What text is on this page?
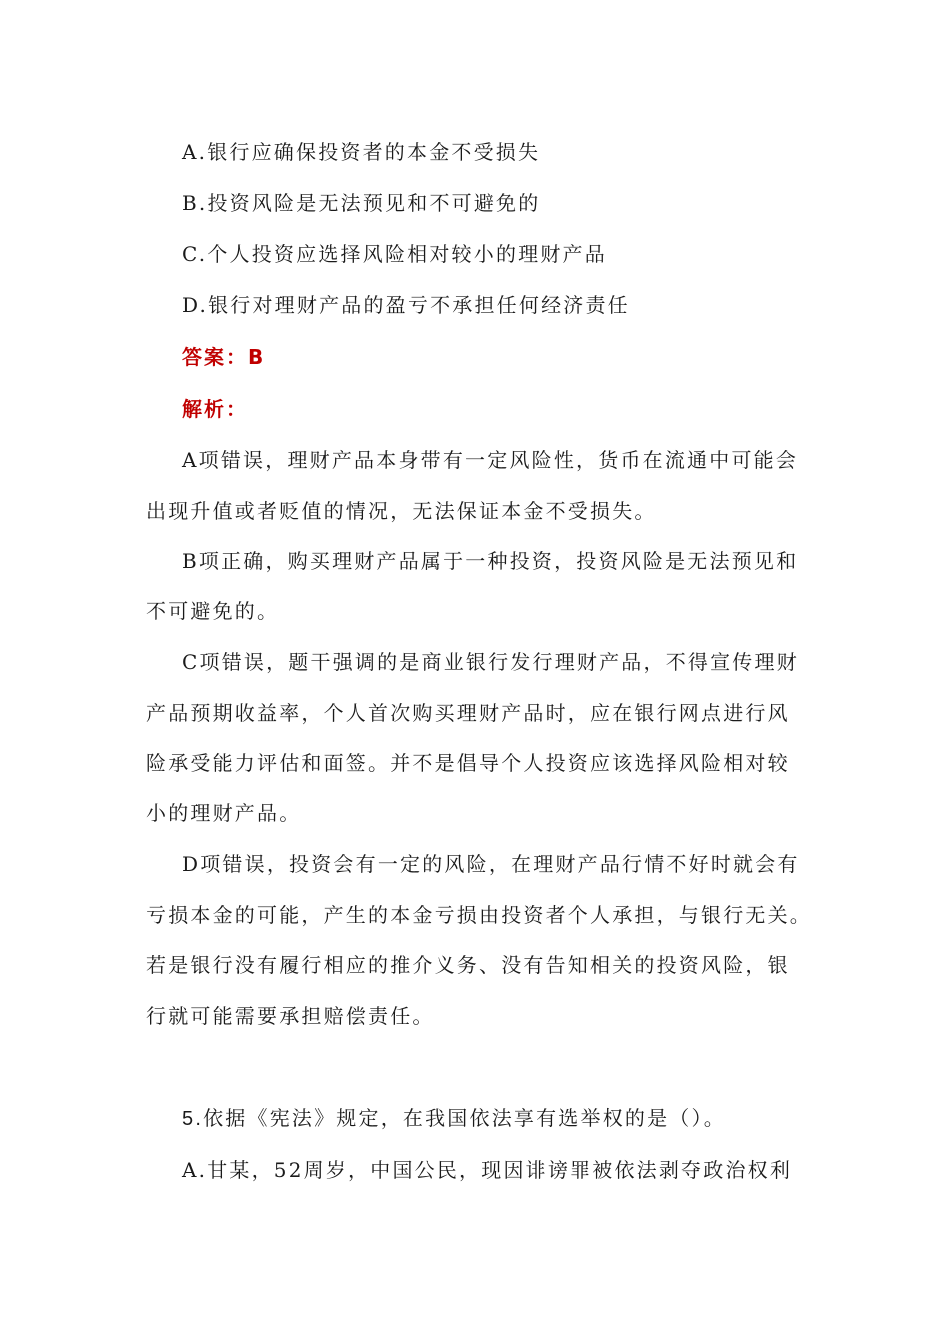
A.银行应确保投资者的本金不受损失
B.投资风险是无法预见和不可避免的
C.个人投资应选择风险相对较小的理财产品
D.银行对理财产品的盈亏不承担任何经济责任
答案：B
解析：
A项错误，理财产品本身带有一定风险性，货币在流通中可能会
出现升值或者贬值的情况，无法保证本金不受损失。
B项正确，购买理财产品属于一种投资，投资风险是无法预见和
不可避免的。
C项错误，题干强调的是商业银行发行理财产品，不得宣传理财
产品预期收益率，个人首次购买理财产品时，应在银行网点进行风
险承受能力评估和面签。并不是倡导个人投资应该选择风险相对较
小的理财产品。
D项错误，投资会有一定的风险，在理财产品行情不好时就会有
亏损本金的可能，产生的本金亏损由投资者个人承担，与银行无关。
若是银行没有履行相应的推介义务、没有告知相关的投资风险，银
行就可能需要承担赔偿责任。
5.依据《宪法》规定，在我国依法享有选举权的是（）。
A.甘某，52周岁，中国公民，现因诽谤罪被依法剥夺政治权利
